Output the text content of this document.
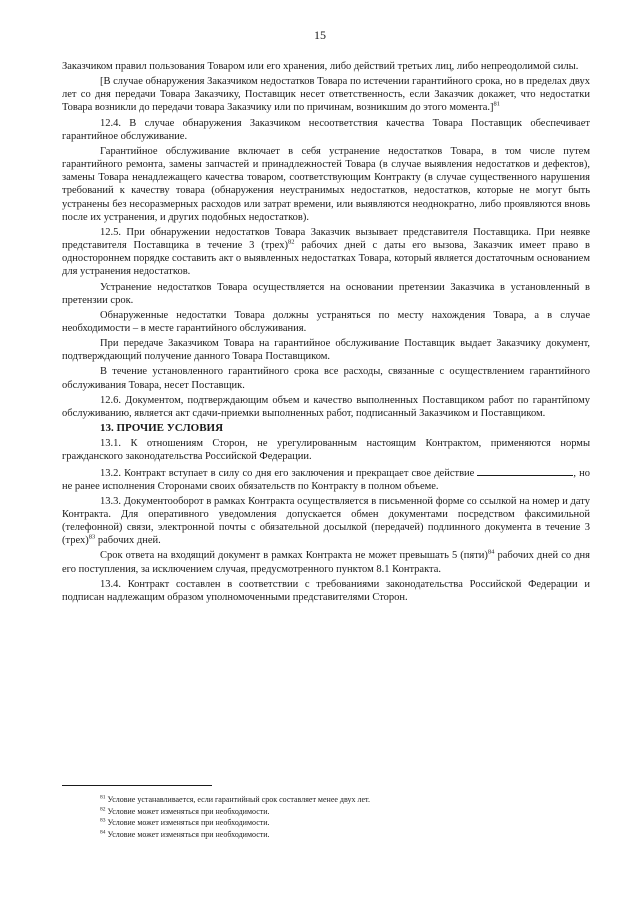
15

Заказчиком правил пользования Товаром или его хранения, либо действий третьих лиц, либо непреодолимой силы.

[В случае обнаружения Заказчиком недостатков Товара по истечении гарантийного срока, но в пределах двух лет со дня передачи Товара Заказчику, Поставщик несет ответственность, если Заказчик докажет, что недостатки Товара возникли до передачи товара Заказчику или по причинам, возникшим до этого момента.]$^{81}$

12.4. В случае обнаружения Заказчиком несоответствия качества Товара Поставщик обеспечивает гарантийное обслуживание.

Гарантийное обслуживание включает в себя устранение недостатков Товара, в том числе путем гарантийного ремонта, замены запчастей и принадлежностей Товара (в случае выявления недостатков и дефектов), замены Товара ненадлежащего качества товаром, соответствующим Контракту (в случае существенного нарушения требований к качеству товара (обнаружения неустранимых недостатков, недостатков, которые не могут быть устранены без несоразмерных расходов или затрат времени, или выявляются неоднократно, либо проявляются вновь после их устранения, и других подобных недостатков).

12.5. При обнаружении недостатков Товара Заказчик вызывает представителя Поставщика. При неявке представителя Поставщика в течение 3 (трех)$^{82}$ рабочих дней с даты его вызова, Заказчик имеет право в одностороннем порядке составить акт о выявленных недостатках Товара, который является достаточным основанием для устранения недостатков.

Устранение недостатков Товара осуществляется на основании претензии Заказчика в установленный в претензии срок.

Обнаруженные недостатки Товара должны устраняться по месту нахождения Товара, а в случае необходимости – в месте гарантийного обслуживания.

При передаче Заказчиком Товара на гарантийное обслуживание Поставщик выдает Заказчику документ, подтверждающий получение данного Товара Поставщиком.

В течение установленного гарантийного срока все расходы, связанные с осуществлением гарантийного обслуживания Товара, несет Поставщик.

12.6. Документом, подтверждающим объем и качество выполненных Поставщиком работ по гарантйпому обслуживанию, является акт сдачи-приемки выполненных работ, подписанный Заказчиком и Поставщиком.

13. ПРОЧИЕ УСЛОВИЯ

13.1. К отношениям Сторон, не урегулированным настоящим Контрактом, применяются нормы гражданского законодательства Российской Федерации.

13.2. Контракт вступает в силу со дня его заключения и прекращает свое действие	, но не ранее исполнения Сторонами своих обязательств по Контракту в полном объеме.

13.3. Документооборот в рамках Контракта осуществляется в письменной форме со ссылкой на номер и дату Контракта. Для оперативного уведомления допускается обмен документами посредством факсимильной (телефонной) связи, электронной почты с обязательной досылкой (передачей) подлинного документа в течение 3 (трех)$^{83}$ рабочих дней.

Срок ответа на входящий документ в рамках Контракта не может превышать 5 (пяти)$^{84}$ рабочих дней со дня его поступления, за исключением случая, предусмотренного пунктом 8.1 Контракта.

13.4. Контракт составлен в соответствии с требованиями законодательства Российской Федерации и подписан надлежащим образом уполномоченными представителями Сторон.

$^{81}$ Условие устанавливается, если гарантийный срок составляет менее двух лет.

$^{82}$ Условие может изменяться при необходимости.

$^{83}$ Условие может изменяться при необходимости.

$^{84}$ Условие может изменяться при необходимости.
